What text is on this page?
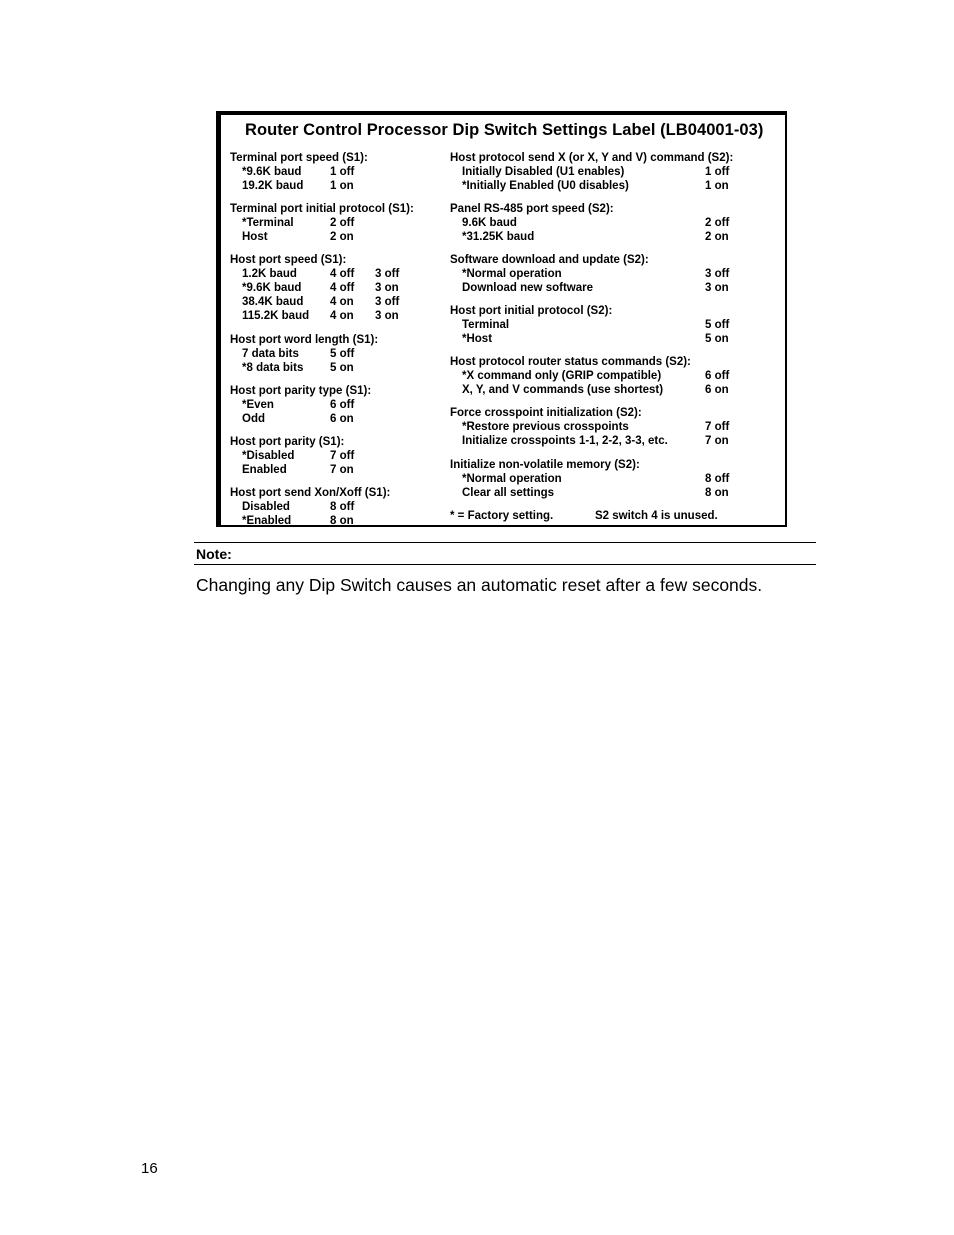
Router Control Processor Dip Switch Settings Label (LB04001-03)
Terminal port speed (S1):
*9.6K baud 1 off
19.2K baud 1 on
Terminal port initial protocol (S1):
*Terminal	2 off
Host	2 on
Host port speed (S1):
1.2K baud	4 off 3 off
*9.6K baud 4 off 3 on
38.4K baud 4 on 3 off
115.2K baud 4 on 3 on
Host port word length (S1):
7 data bits	5 off
*8 data bits 5 on
Host port parity type (S1):
*Even	6 off
Odd	6 on
Host port parity (S1):
*Disabled	7 off
Enabled	7 on
Host port send Xon/Xoff (S1):
Disabled	8 off
*Enabled	8 on
Host protocol send X (or X, Y and V) command (S2):
Initially Disabled (U1 enables)	1 off
*Initially Enabled (U0 disables)	1 on
Panel RS-485 port speed (S2):
9.6K baud	2 off
*31.25K baud	2 on
Software download and update (S2):
*Normal operation	3 off
Download new software	3 on
Host port initial protocol (S2):
Terminal	5 off
*Host	5 on
Host protocol router status commands (S2):
*X command only (GRIP compatible)	6 off
X, Y, and V commands (use shortest)	6 on
Force crosspoint initialization (S2):
*Restore previous crosspoints	7 off
Initialize crosspoints 1-1, 2-2, 3-3, etc.	7 on
Initialize non-volatile memory (S2):
*Normal operation	8 off
Clear all settings	8 on
* = Factory setting.	S2 switch 4 is unused.
Note:
Changing any Dip Switch causes an automatic reset after a few seconds.
16
